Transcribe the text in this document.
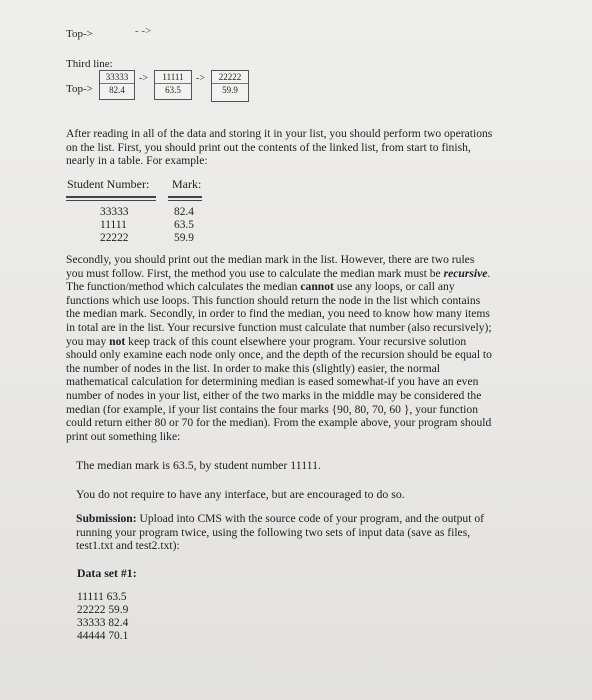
Top->	- ->
Third line:
Top->
33333
82.4
->	11111
63.5
->	22222
59.9
After reading in all of the data and storing it in your list, you should perform two operations on the list. First, you should print out the contents of the linked list, from start to finish, nearly in a table. For example:
Student Number: Mark:
33333	82.4
11111	63.5
22222	59.9
Secondly, you should print out the median mark in the list. However, there are two rules you must follow. First, the method you use to calculate the median mark must be recursive. The function/method which calculates the median cannot use any loops, or call any functions which use loops. This function should return the node in the list which contains the median mark. Secondly, in order to find the median, you need to know how many items in total are in the list. Your recursive function must calculate that number (also recursively); you may not keep track of this count elsewhere your program. Your recursive solution should only examine each node only once, and the depth of the recursion should be equal to the number of nodes in the list. In order to make this (slightly) easier, the normal mathematical calculation for determining median is eased somewhat-if you have an even number of nodes in your list, either of the two marks in the middle may be considered the median (for example, if your list contains the four marks {90, 80, 70, 60 }, your function could return either 80 or 70 for the median). From the example above, your program should print out something like:
The median mark is 63.5, by student number 11111.
You do not require to have any interface, but are encouraged to do so.
Submission: Upload into CMS with the source code of your program, and the output of running your program twice, using the following two sets of input data (save as files, test1.txt and test2.txt):
Data set #1:
11111 63.5
22222 59.9
33333 82.4
44444 70.1
